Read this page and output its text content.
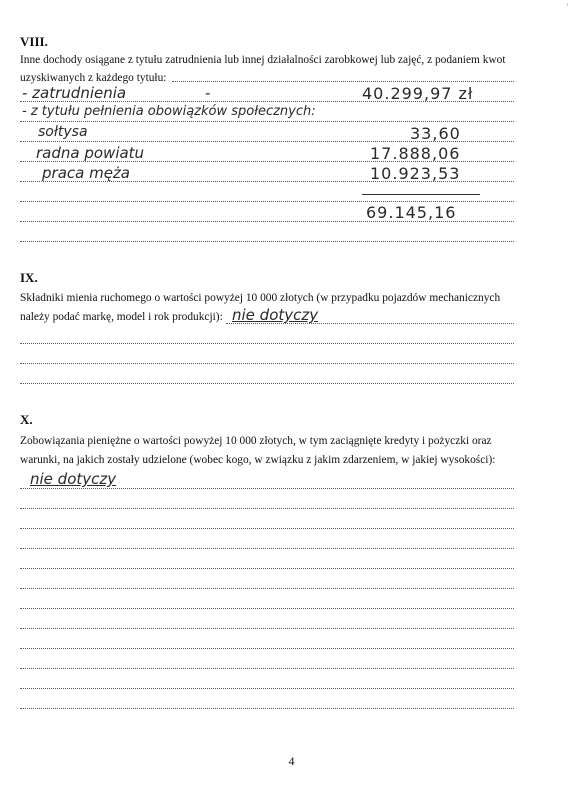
’
VIII.
Inne dochody osiągane z tytułu zatrudnienia lub innej działalności zarobkowej lub zajęć, z podaniem kwot
uzyskiwanych z każdego tytułu:
- zatrudnienia	-	40.299,97 zł
- z tytułu pełnienia obowiązków społecznych:
sołtysa	33,60
radna powiatu	17.888,06
praca męża	10.923,53
69.145,16
IX.
Składniki mienia ruchomego o wartości powyżej 10 000 złotych (w przypadku pojazdów mechanicznych
należy podać markę, model i rok produkcji): nie dotyczy
X.
Zobowiązania pieniężne o wartości powyżej 10 000 złotych, w tym zaciągnięte kredyty i pożyczki oraz
warunki, na jakich zostały udzielone (wobec kogo, w związku z jakim zdarzeniem, w jakiej wysokości):
nie dotyczy
4
